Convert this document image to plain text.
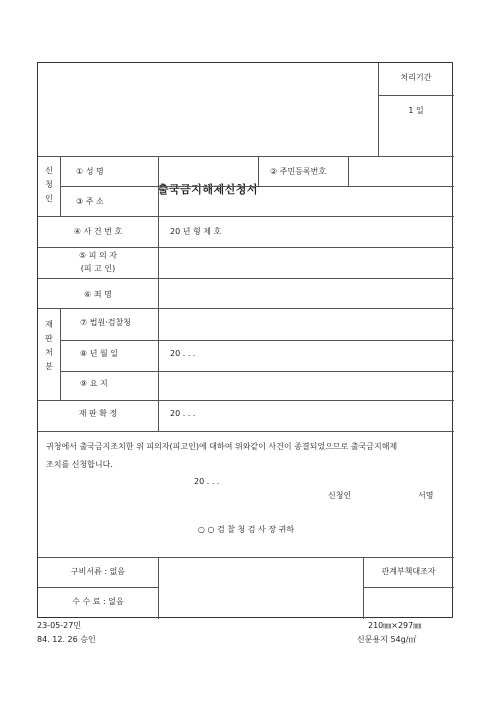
출국금지해제신청서
처리기간
1 일
신
청
인
① 성 명	② 주민등록번호
③ 주 소
④ 사 건 번 호	20 년 형 제 호
⑤ 피 의 자
(피 고 인)
⑥ 죄 명
재
판
처
분
⑦ 법원·검찰청
⑧ 년 월 일	20 . . .
⑨ 요 지
재 판 확 정	20 . . .
귀청에서 출국금지조치한 위 피의자(피고인)에 대하여 위와같이 사건이 종결되었으므로 출국금지해제
조치를 신청합니다.
20 . . .
신청인	서명
○ ○ 검 찰 청 검 사 장 귀하
구비서류 : 없음
수 수 료 : 없음
관계부책대조자
23-05-27민
84. 12. 26 승인
210㎜×297㎜
신문용지 54g/㎡
